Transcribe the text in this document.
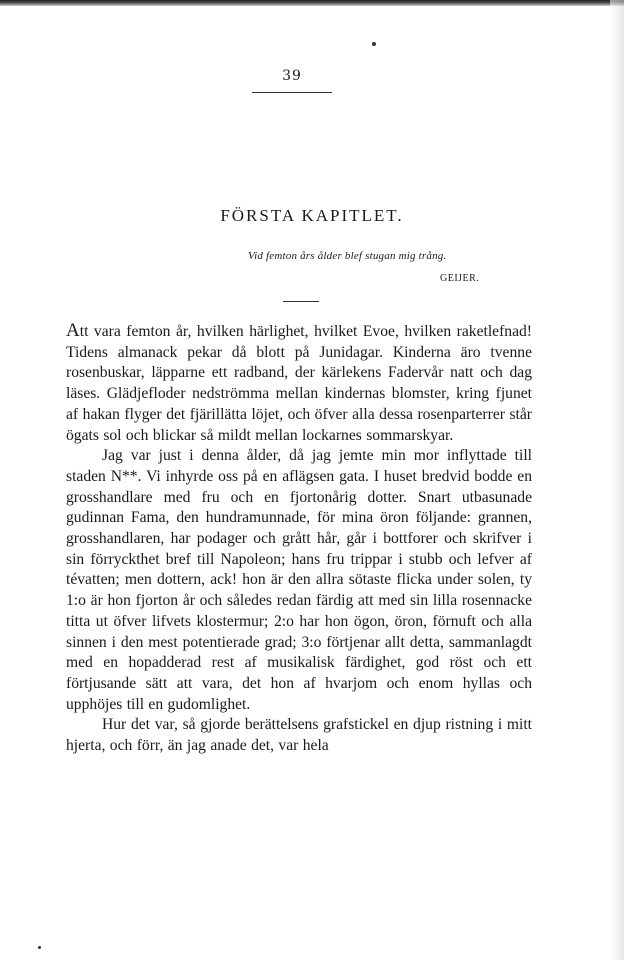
39
FÖRSTA KAPITLET.
Vid femton års ålder blef stugan mig trång.
GEIJER.

Att vara femton år, hvilken härlighet, hvilket Evoe, hvilken raketlefnad! Tidens almanack pekar då blott på Junidagar. Kinderna äro tvenne rosenbuskar, läpparne ett radband, der kärlekens Fadervår natt och dag läses. Glädjefloder nedströmma mellan kindernas blomster, kring fjunet af hakan flyger det fjärillätta löjet, och öfver alla dessa rosenparterrer står ögats sol och blickar så mildt mellan lockarnes sommarskyar.

Jag var just i denna ålder, då jag jemte min mor inflyttade till staden N**. Vi inhyrde oss på en aflägsen gata. I huset bredvid bodde en grosshandlare med fru och en fjortonårig dotter. Snart utbasunade gudinnan Fama, den hundramunnade, för mina öron följande: grannen, grosshandlaren, har podager och grått hår, går i bottforer och skrifver i sin förryckthet bref till Napoleon; hans fru trippar i stubb och lefver af tévatten; men dottern, ack! hon är den allra sötaste flicka under solen, ty 1:o är hon fjorton år och således redan färdig att med sin lilla rosennacke titta ut öfver lifvets klostermur; 2:o har hon ögon, öron, förnuft och alla sinnen i den mest potentierade grad; 3:o förtjenar allt detta, sammanlagdt med en hopadderad rest af musikalisk färdighet, god röst och ett förtjusande sätt att vara, det hon af hvarjom och enom hyllas och upphöjes till en gudomlighet.

Hur det var, så gjorde berättelsens grafstickel en djup ristning i mitt hjerta, och förr, än jag anade det, var hela
